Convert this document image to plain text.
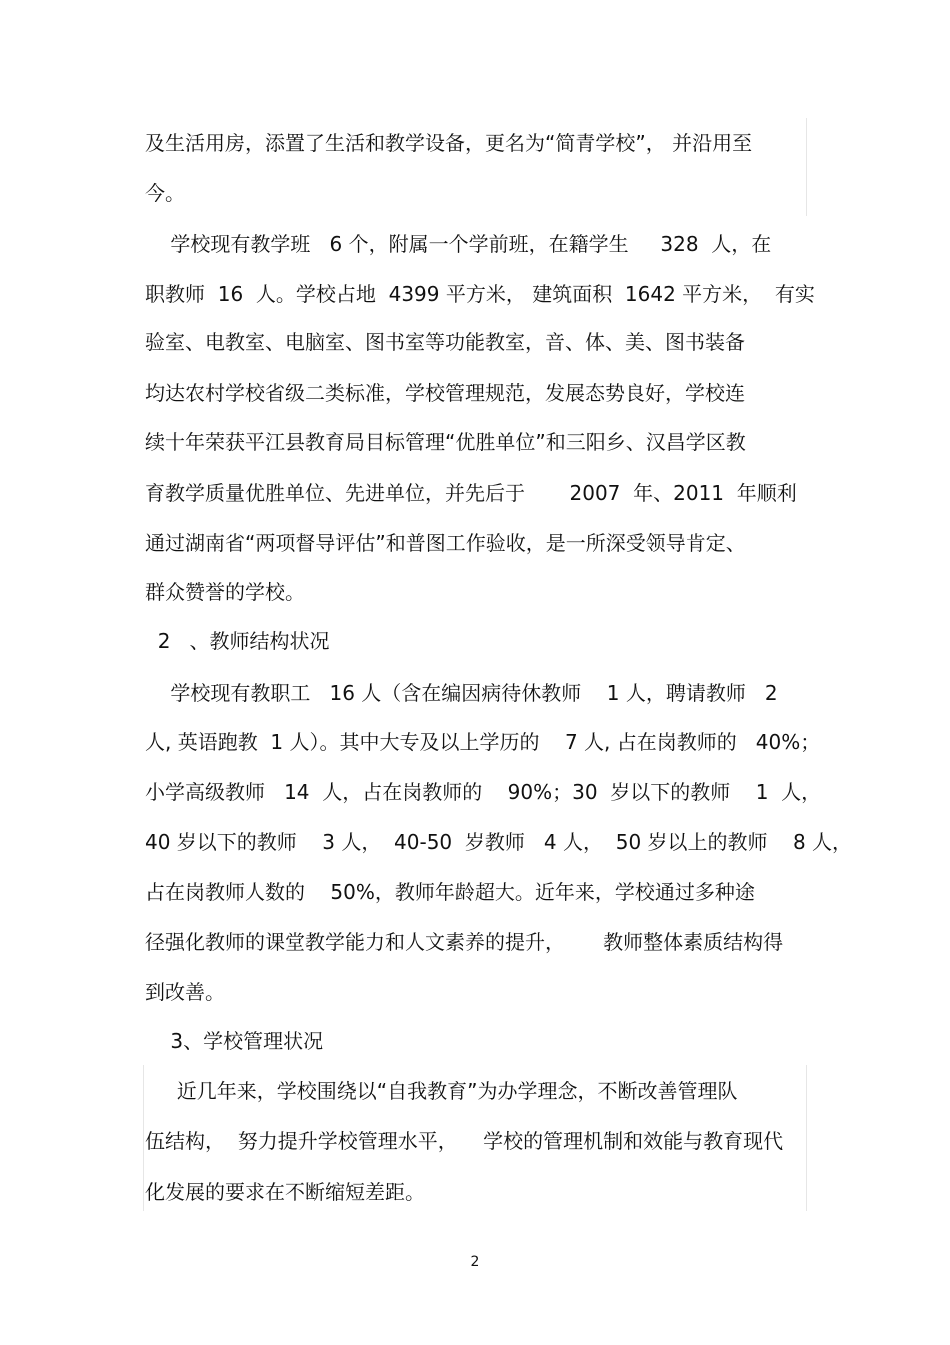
及生活用房，添置了生活和教学设备，更名为“简青学校”， 并沿用至
今。
学校现有教学班   6 个，附属一个学前班，在籍学生     328  人，在
职教师  16  人。学校占地  4399 平方米， 建筑面积  1642 平方米，  有实
验室、电教室、电脑室、图书室等功能教室，音、体、美、图书装备
均达农村学校省级二类标准，学校管理规范，发展态势良好，学校连
续十年荣获平江县教育局目标管理“优胜单位”和三阳乡、汉昌学区教
育教学质量优胜单位、先进单位，并先后于       2007  年、2011  年顺利
通过湖南省“两项督导评估”和普图工作验收，是一所深受领导肯定、
群众赞誉的学校。
2   、教师结构状况
学校现有教职工   16 人（含在编因病待休教师    1 人，聘请教师   2
人, 英语跑教  1 人）。其中大专及以上学历的    7 人, 占在岗教师的   40%；
小学高级教师   14  人，占在岗教师的    90%；30  岁以下的教师    1  人，
40 岁以下的教师    3 人，  40-50  岁教师   4 人，  50 岁以上的教师    8 人，
占在岗教师人数的    50%，教师年龄超大。近年来，学校通过多种途
径强化教师的课堂教学能力和人文素养的提升，      教师整体素质结构得
到改善。
3、学校管理状况
近几年来，学校围绕以“自我教育”为办学理念，不断改善管理队
伍结构，  努力提升学校管理水平，    学校的管理机制和效能与教育现代
化发展的要求在不断缩短差距。
2
